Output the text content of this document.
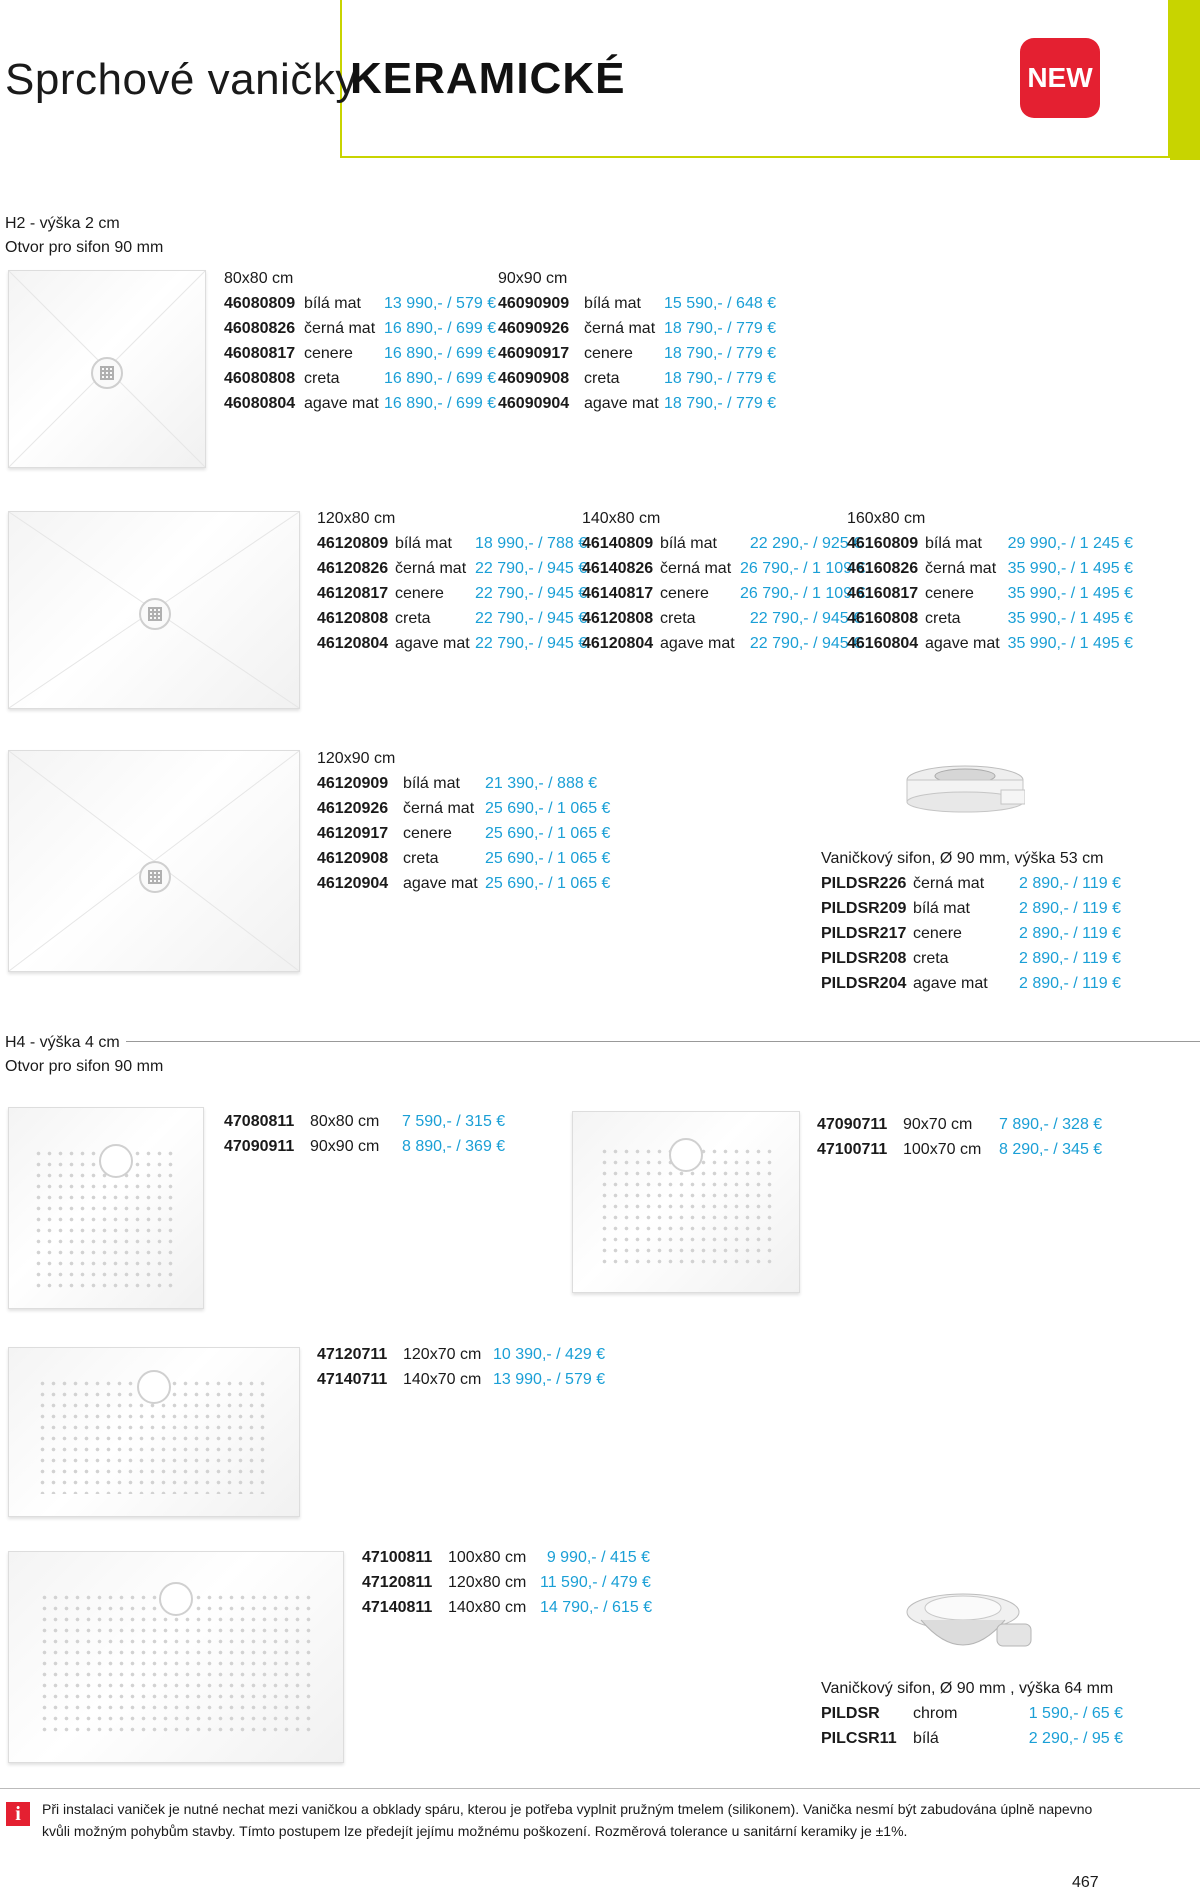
Sprchové vaničky
KERAMICKÉ	NEW
H2 - výška 2 cm
Otvor pro sifon 90 mm
80x80 cm
46080809 bílá mat	13 990,- / 579 €
46080826 černá mat 16 890,- / 699 €
46080817 cenere	16 890,- / 699 €
46080808 creta	16 890,- / 699 €
46080804 agave mat 16 890,- / 699 €
90x90 cm
46090909 bílá mat	15 590,- / 648 €
46090926 černá mat 18 790,- / 779 €
46090917 cenere	18 790,- / 779 €
46090908 creta	18 790,- / 779 €
46090904 agave mat 18 790,- / 779 €
120x80 cm
46120809 bílá mat	18 990,- / 788 €
46120826 černá mat 22 790,- / 945 €
46120817 cenere	22 790,- / 945 €
46120808 creta	22 790,- / 945 €
46120804 agave mat 22 790,- / 945 €
140x80 cm
46140809 bílá mat	22 290,- / 925 €
46140826 černá mat 26 790,- / 1 109 €
46140817 cenere	26 790,- / 1 109 €
46120808 creta	22 790,- / 945 €
46120804 agave mat 22 790,- / 945 €
160x80 cm
46160809 bílá mat	29 990,- / 1 245 €
46160826 černá mat 35 990,- / 1 495 €
46160817 cenere	35 990,- / 1 495 €
46160808 creta	35 990,- / 1 495 €
46160804 agave mat 35 990,- / 1 495 €
120x90 cm
46120909 bílá mat	21 390,- / 888 €
46120926 černá mat 25 690,- / 1 065 €
46120917 cenere	25 690,- / 1 065 €
46120908 creta	25 690,- / 1 065 €
46120904 agave mat 25 690,- / 1 065 €
Vaničkový sifon, Ø 90 mm, výška 53 cm
PILDSR226 černá mat	2 890,- / 119 €
PILDSR209 bílá mat	2 890,- / 119 €
PILDSR217 cenere	2 890,- / 119 €
PILDSR208 creta	2 890,- / 119 €
PILDSR204 agave mat	2 890,- / 119 €
H4 - výška 4 cm
Otvor pro sifon 90 mm
47080811 80x80 cm	7 590,- / 315 €
47090911 90x90 cm	8 890,- / 369 €
47090711 90x70 cm	7 890,- / 328 €
47100711 100x70 cm	8 290,- / 345 €
47120711 120x70 cm 10 390,- / 429 €
47140711 140x70 cm 13 990,- / 579 €
47100811 100x80 cm	9 990,- / 415 €
47120811 120x80 cm 11 590,- / 479 €
47140811 140x80 cm 14 790,- / 615 €
Vaničkový sifon, Ø 90 mm , výška 64 mm
PILDSR	chrom	1 590,- / 65 €
PILCSR11	bílá	2 290,- / 95 €
i	Při instalaci vaniček je nutné nechat mezi vaničkou a obklady spáru, kterou je potřeba vyplnit pružným tmelem (silikonem). Vanička nesmí být zabudována úplně napevno kvůli možným pohybům stavby. Tímto postupem lze předejít jejímu možnému poškození. Rozměrová tolerance u sanitární keramiky je ±1%.
467
